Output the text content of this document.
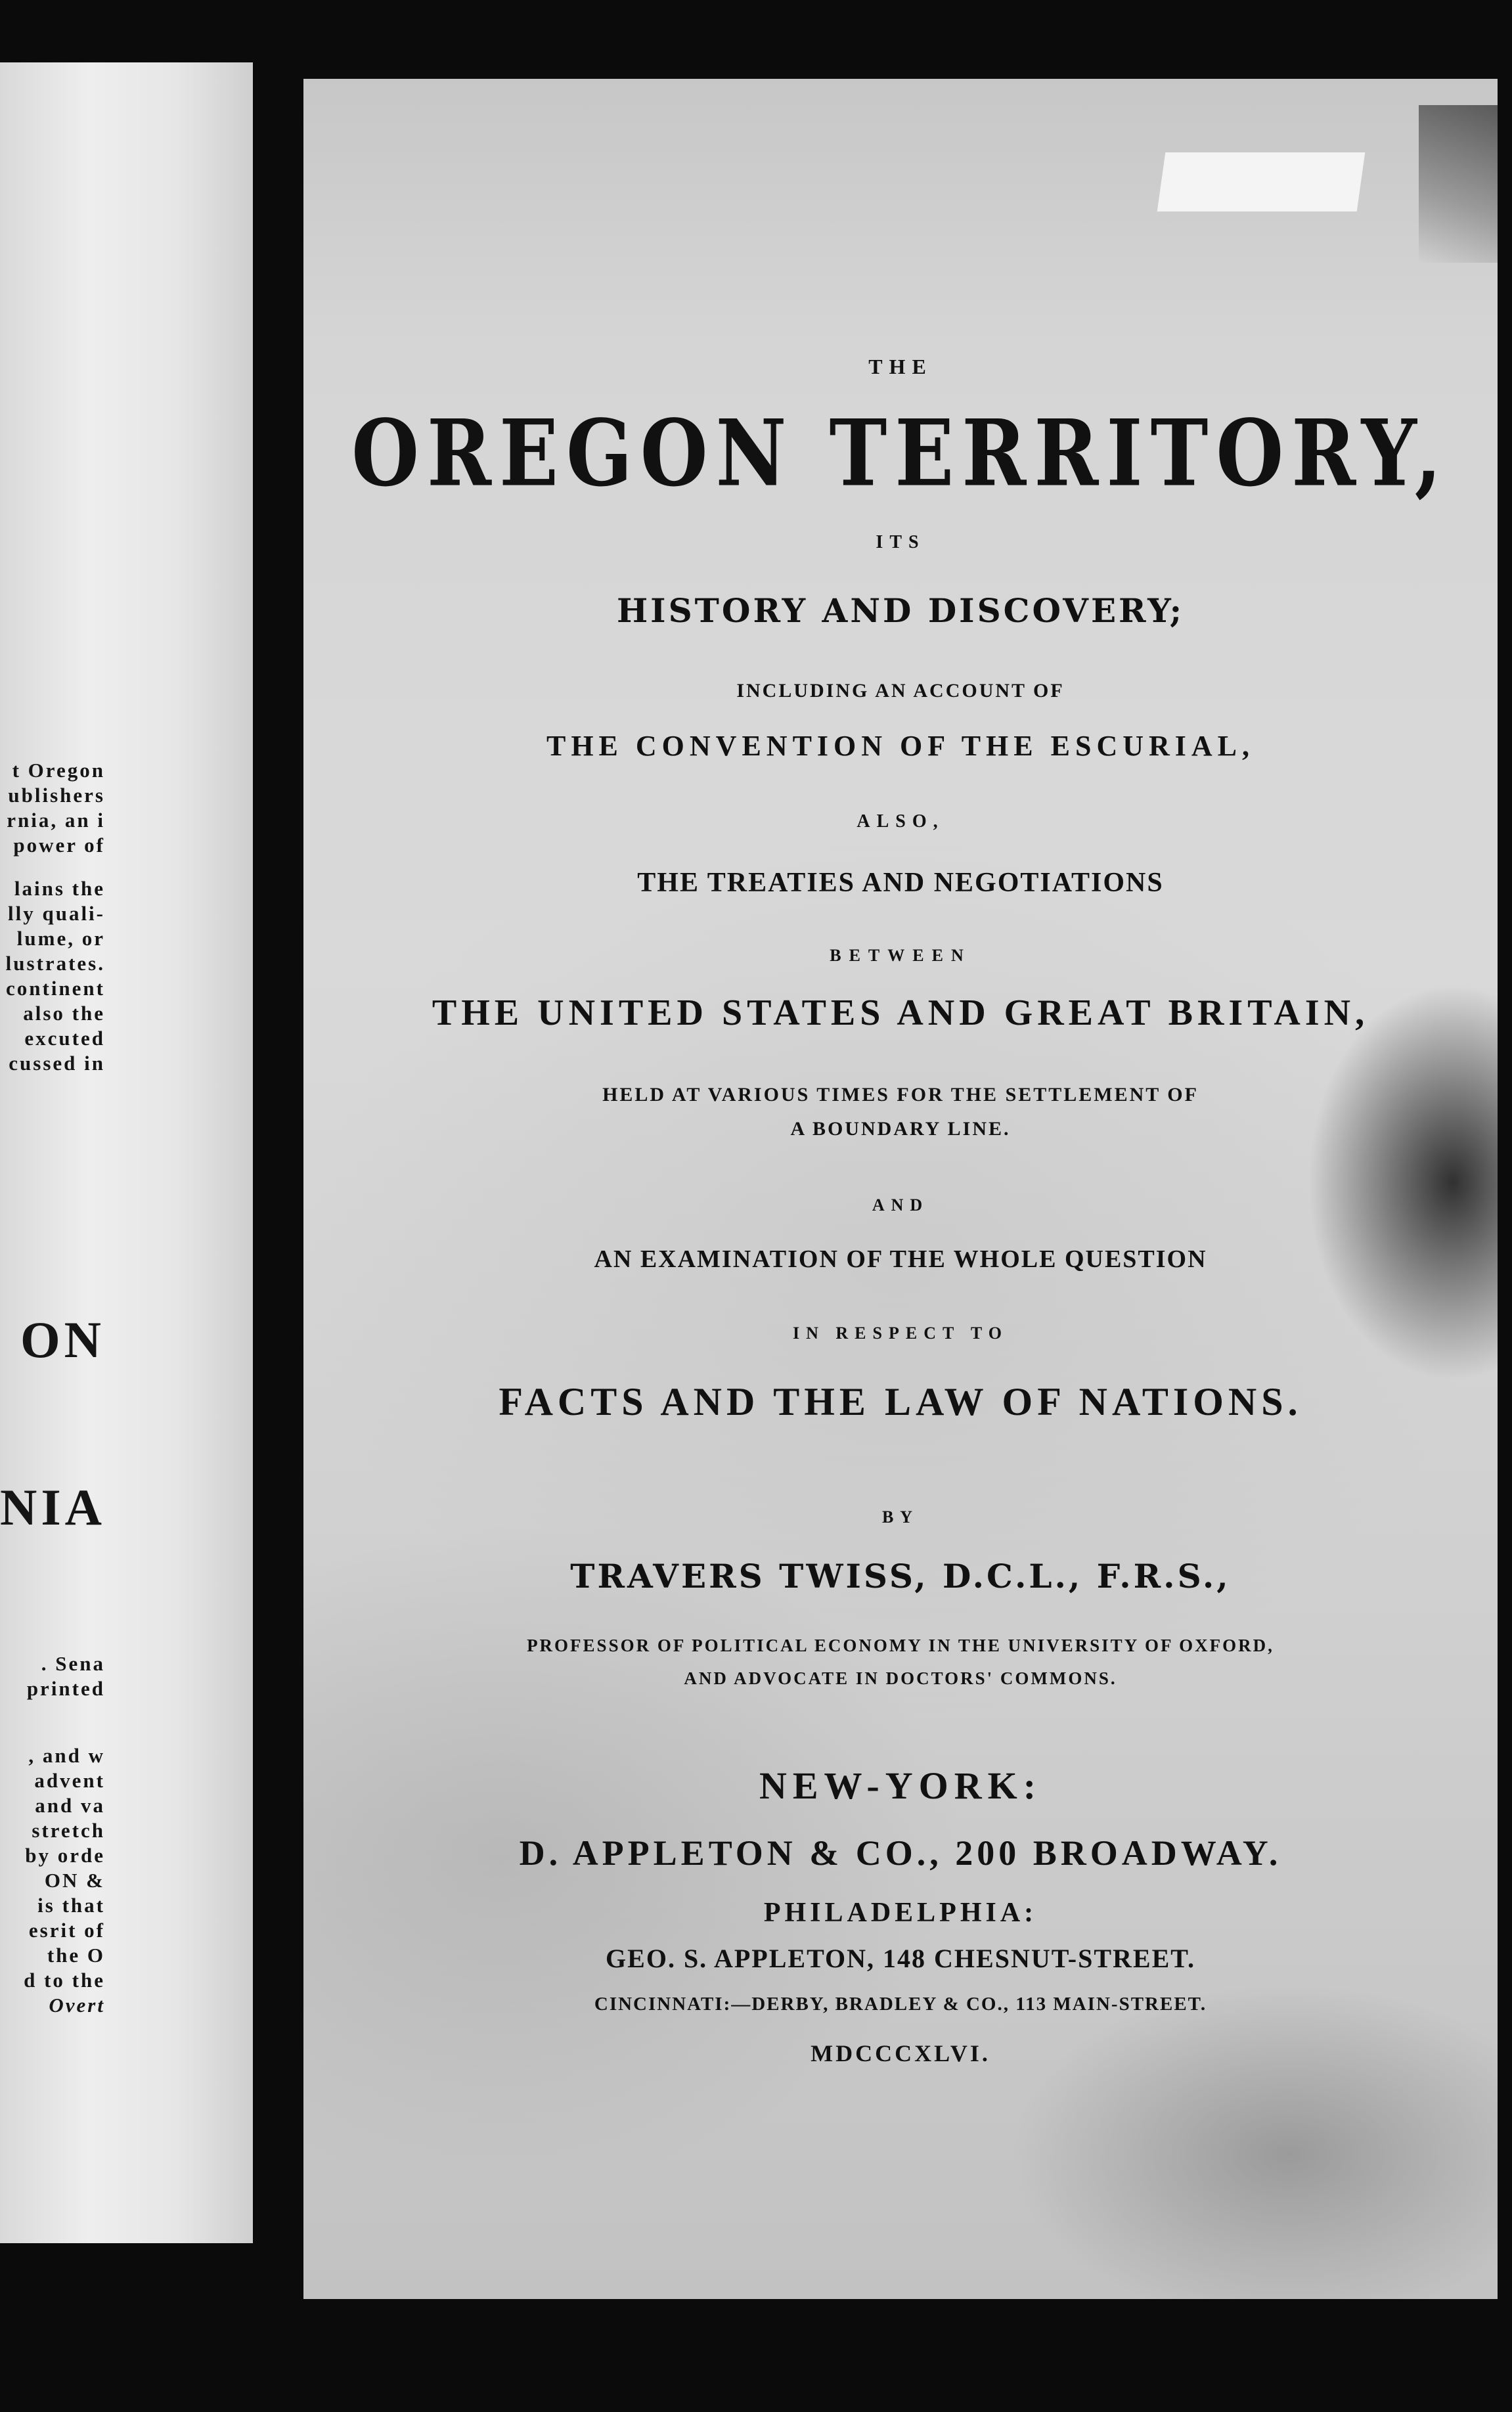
t Oregon
ublishers
rnia, an i
power of
lains the
lly quali-
lume, or
lustrates.
continent
also the
excuted
cussed in
ON
NIA
. Sena
printed
, and w
advent
and va
stretch
by orde
ON &
is that
esrit of
the O
d to the
Overt
THE
OREGON TERRITORY,
ITS
HISTORY AND DISCOVERY;
INCLUDING AN ACCOUNT OF
THE CONVENTION OF THE ESCURIAL,
ALSO,
THE TREATIES AND NEGOTIATIONS
BETWEEN
THE UNITED STATES AND GREAT BRITAIN,
HELD AT VARIOUS TIMES FOR THE SETTLEMENT OF
A BOUNDARY LINE.
AND
AN EXAMINATION OF THE WHOLE QUESTION
IN RESPECT TO
FACTS AND THE LAW OF NATIONS.
BY
TRAVERS TWISS, D.C.L., F.R.S.,
PROFESSOR OF POLITICAL ECONOMY IN THE UNIVERSITY OF OXFORD,
AND ADVOCATE IN DOCTORS' COMMONS.
NEW-YORK:
D. APPLETON & CO., 200 BROADWAY.
PHILADELPHIA:
GEO. S. APPLETON, 148 CHESNUT-STREET.
CINCINNATI:—DERBY, BRADLEY & CO., 113 MAIN-STREET.
MDCCCXLVI.
